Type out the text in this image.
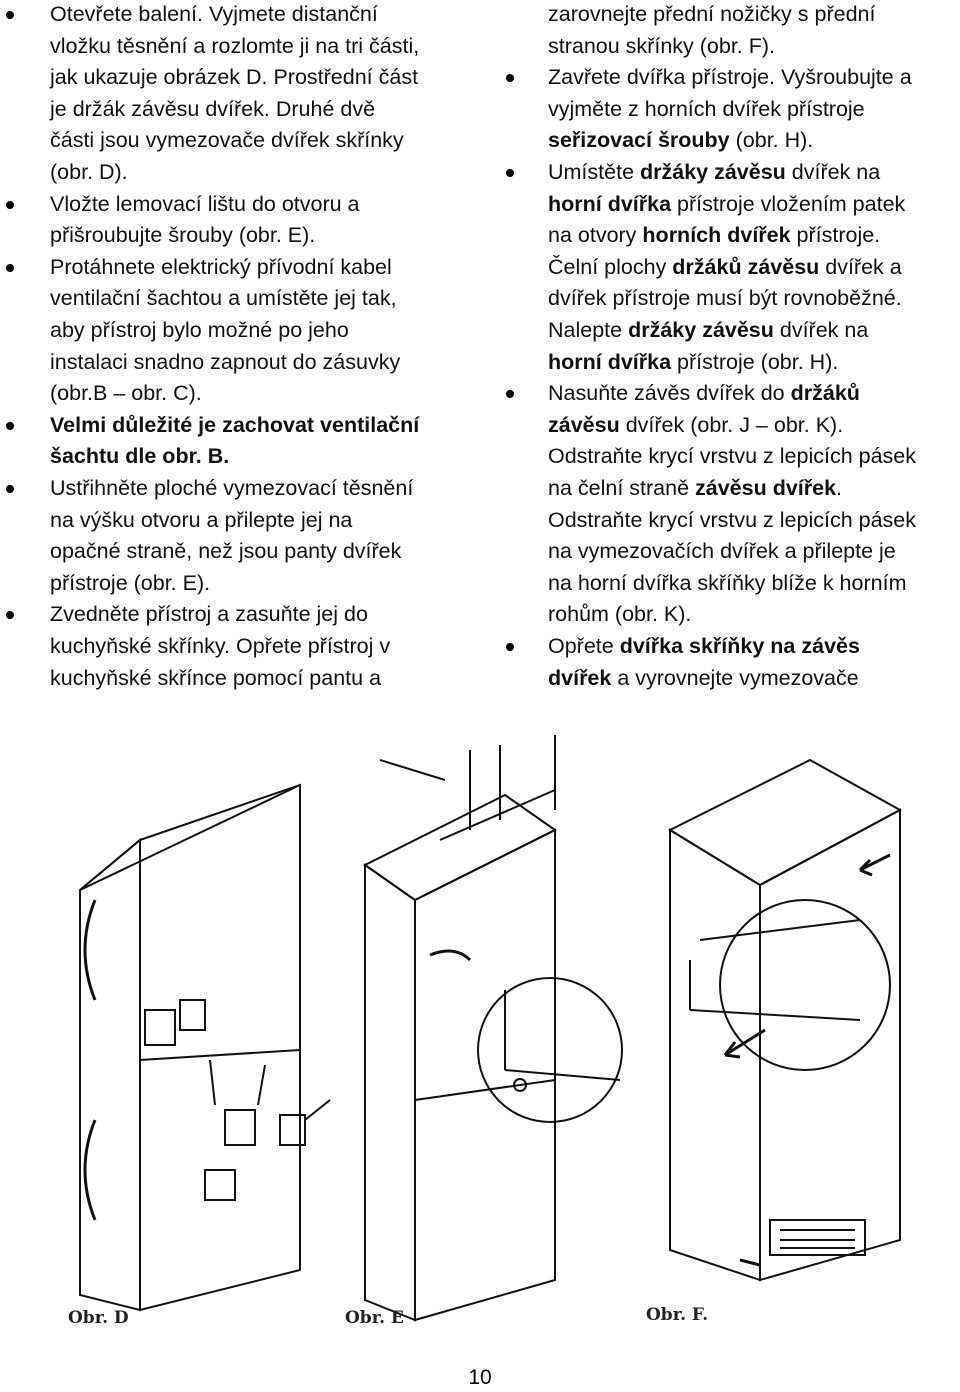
Otevřete balení. Vyjmete distanční
vložku těsnění a rozlomte ji na tri části,
jak ukazuje obrázek D. Prostřední část
je držák závěsu dvířek. Druhé dvě
části jsou vymezovače dvířek skřínky
(obr. D).
Vložte lemovací lištu do otvoru a
přišroubujte šrouby (obr. E).
Protáhnete elektrický přívodní kabel
ventilační šachtou a umístěte jej tak,
aby přístroj bylo možné po jeho
instalaci snadno zapnout do zásuvky
(obr.B – obr. C).
Velmi důležité je zachovat ventilační
šachtu dle obr. B.
Ustřihněte ploché vymezovací těsnění
na výšku otvoru a přilepte jej na
opačné straně, než jsou panty dvířek
přístroje (obr. E).
Zvedněte přístroj a zasuňte jej do
kuchyňské skřínky. Opřete přístroj v
kuchyňské skřínce pomocí pantu a
zarovnejte přední nožičky s přední
stranou skřínky (obr. F).
Zavřete dvířka přístroje. Vyšroubujte a
vyjměte z horních dvířek přístroje
seřizovací šrouby (obr. H).
Umístěte držáky závěsu dvířek na
horní dvířka přístroje vložením patek
na otvory horních dvířek přístroje.
Čelní plochy držáků závěsu dvířek a
dvířek přístroje musí být rovnoběžné.
Nalepte držáky závěsu dvířek na
horní dvířka přístroje (obr. H).
Nasuňte závěs dvířek do držáků
závěsu dvířek (obr. J – obr. K).
Odstraňte krycí vrstvu z lepicích pásek
na čelní straně závěsu dvířek.
Odstraňte krycí vrstvu z lepicích pásek
na vymezovačích dvířek a přilepte je
na horní dvířka skříňky blíže k horním
rohům (obr. K).
Opřete dvířka skříňky na závěs
dvířek a vyrovnejte vymezovače
Obr. D	Obr. E	Obr. F.
10
